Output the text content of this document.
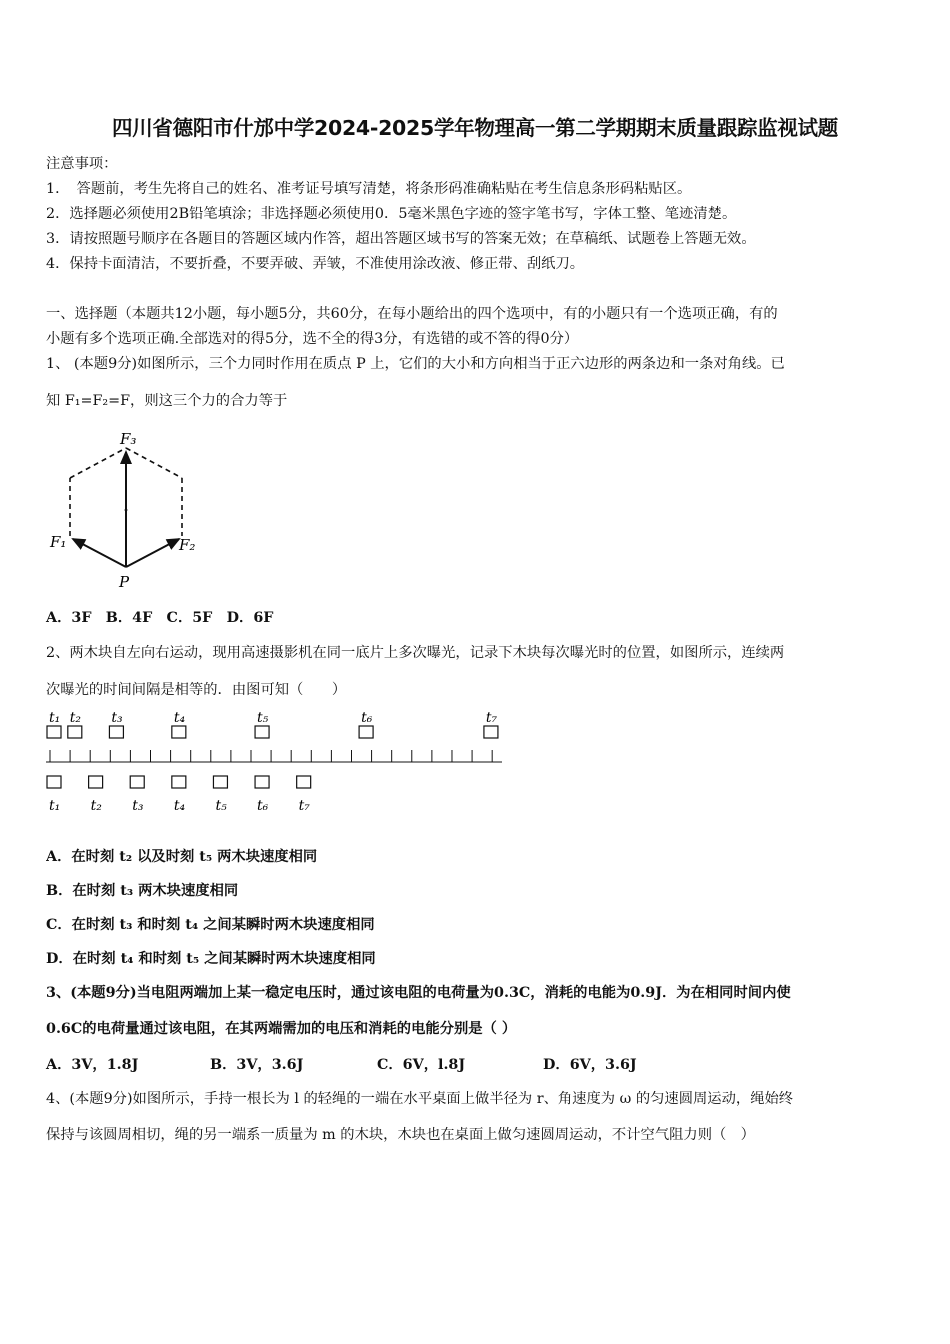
四川省德阳市什邡中学2024-2025学年物理高一第二学期期末质量跟踪监视试题
注意事项：
1．　答题前，考生先将自己的姓名、准考证号填写清楚，将条形码准确粘贴在考生信息条形码粘贴区。
2．选择题必须使用2B铅笔填涂；非选择题必须使用0．5毫米黑色字迹的签字笔书写，字体工整、笔迹清楚。
3．请按照题号顺序在各题目的答题区域内作答，超出答题区域书写的答案无效；在草稿纸、试题卷上答题无效。
4．保持卡面清洁，不要折叠，不要弄破、弄皱，不准使用涂改液、修正带、刮纸刀。
一、选择题（本题共12小题，每小题5分，共60分，在每小题给出的四个选项中，有的小题只有一个选项正确，有的
小题有多个选项正确.全部选对的得5分，选不全的得3分，有选错的或不答的得0分）
1、 (本题9分)如图所示，三个力同时作用在质点 P 上，它们的大小和方向相当于正六边形的两条边和一条对角线。已
知 F₁=F₂=F，则这三个力的合力等于
F₃
F₁	F₂
P
A．3F　B．4F　C．5F　D．6F
2、两木块自左向右运动，现用高速摄影机在同一底片上多次曝光，记录下木块每次曝光时的位置，如图所示，连续两
次曝光的时间间隔是相等的．由图可知（　　）
t₁ t₂ t₃	t₄	t₅	t₆	t₇
t₁ t₂ t₃ t₄ t₅ t₆ t₇
A．在时刻 t₂ 以及时刻 t₅ 两木块速度相同
B．在时刻 t₃ 两木块速度相同
C．在时刻 t₃ 和时刻 t₄ 之间某瞬时两木块速度相同
D．在时刻 t₄ 和时刻 t₅ 之间某瞬时两木块速度相同
3、(本题9分)当电阻两端加上某一稳定电压时，通过该电阻的电荷量为0.3C，消耗的电能为0.9J．为在相同时间内使
0.6C的电荷量通过该电阻，在其两端需加的电压和消耗的电能分别是（ ）
A．3V，1.8J	B．3V，3.6J	C．6V，l.8J	D．6V，3.6J
4、(本题9分)如图所示，手持一根长为 l 的轻绳的一端在水平桌面上做半径为 r、角速度为 ω 的匀速圆周运动，绳始终
保持与该圆周相切，绳的另一端系一质量为 m 的木块，木块也在桌面上做匀速圆周运动，不计空气阻力则（　）
